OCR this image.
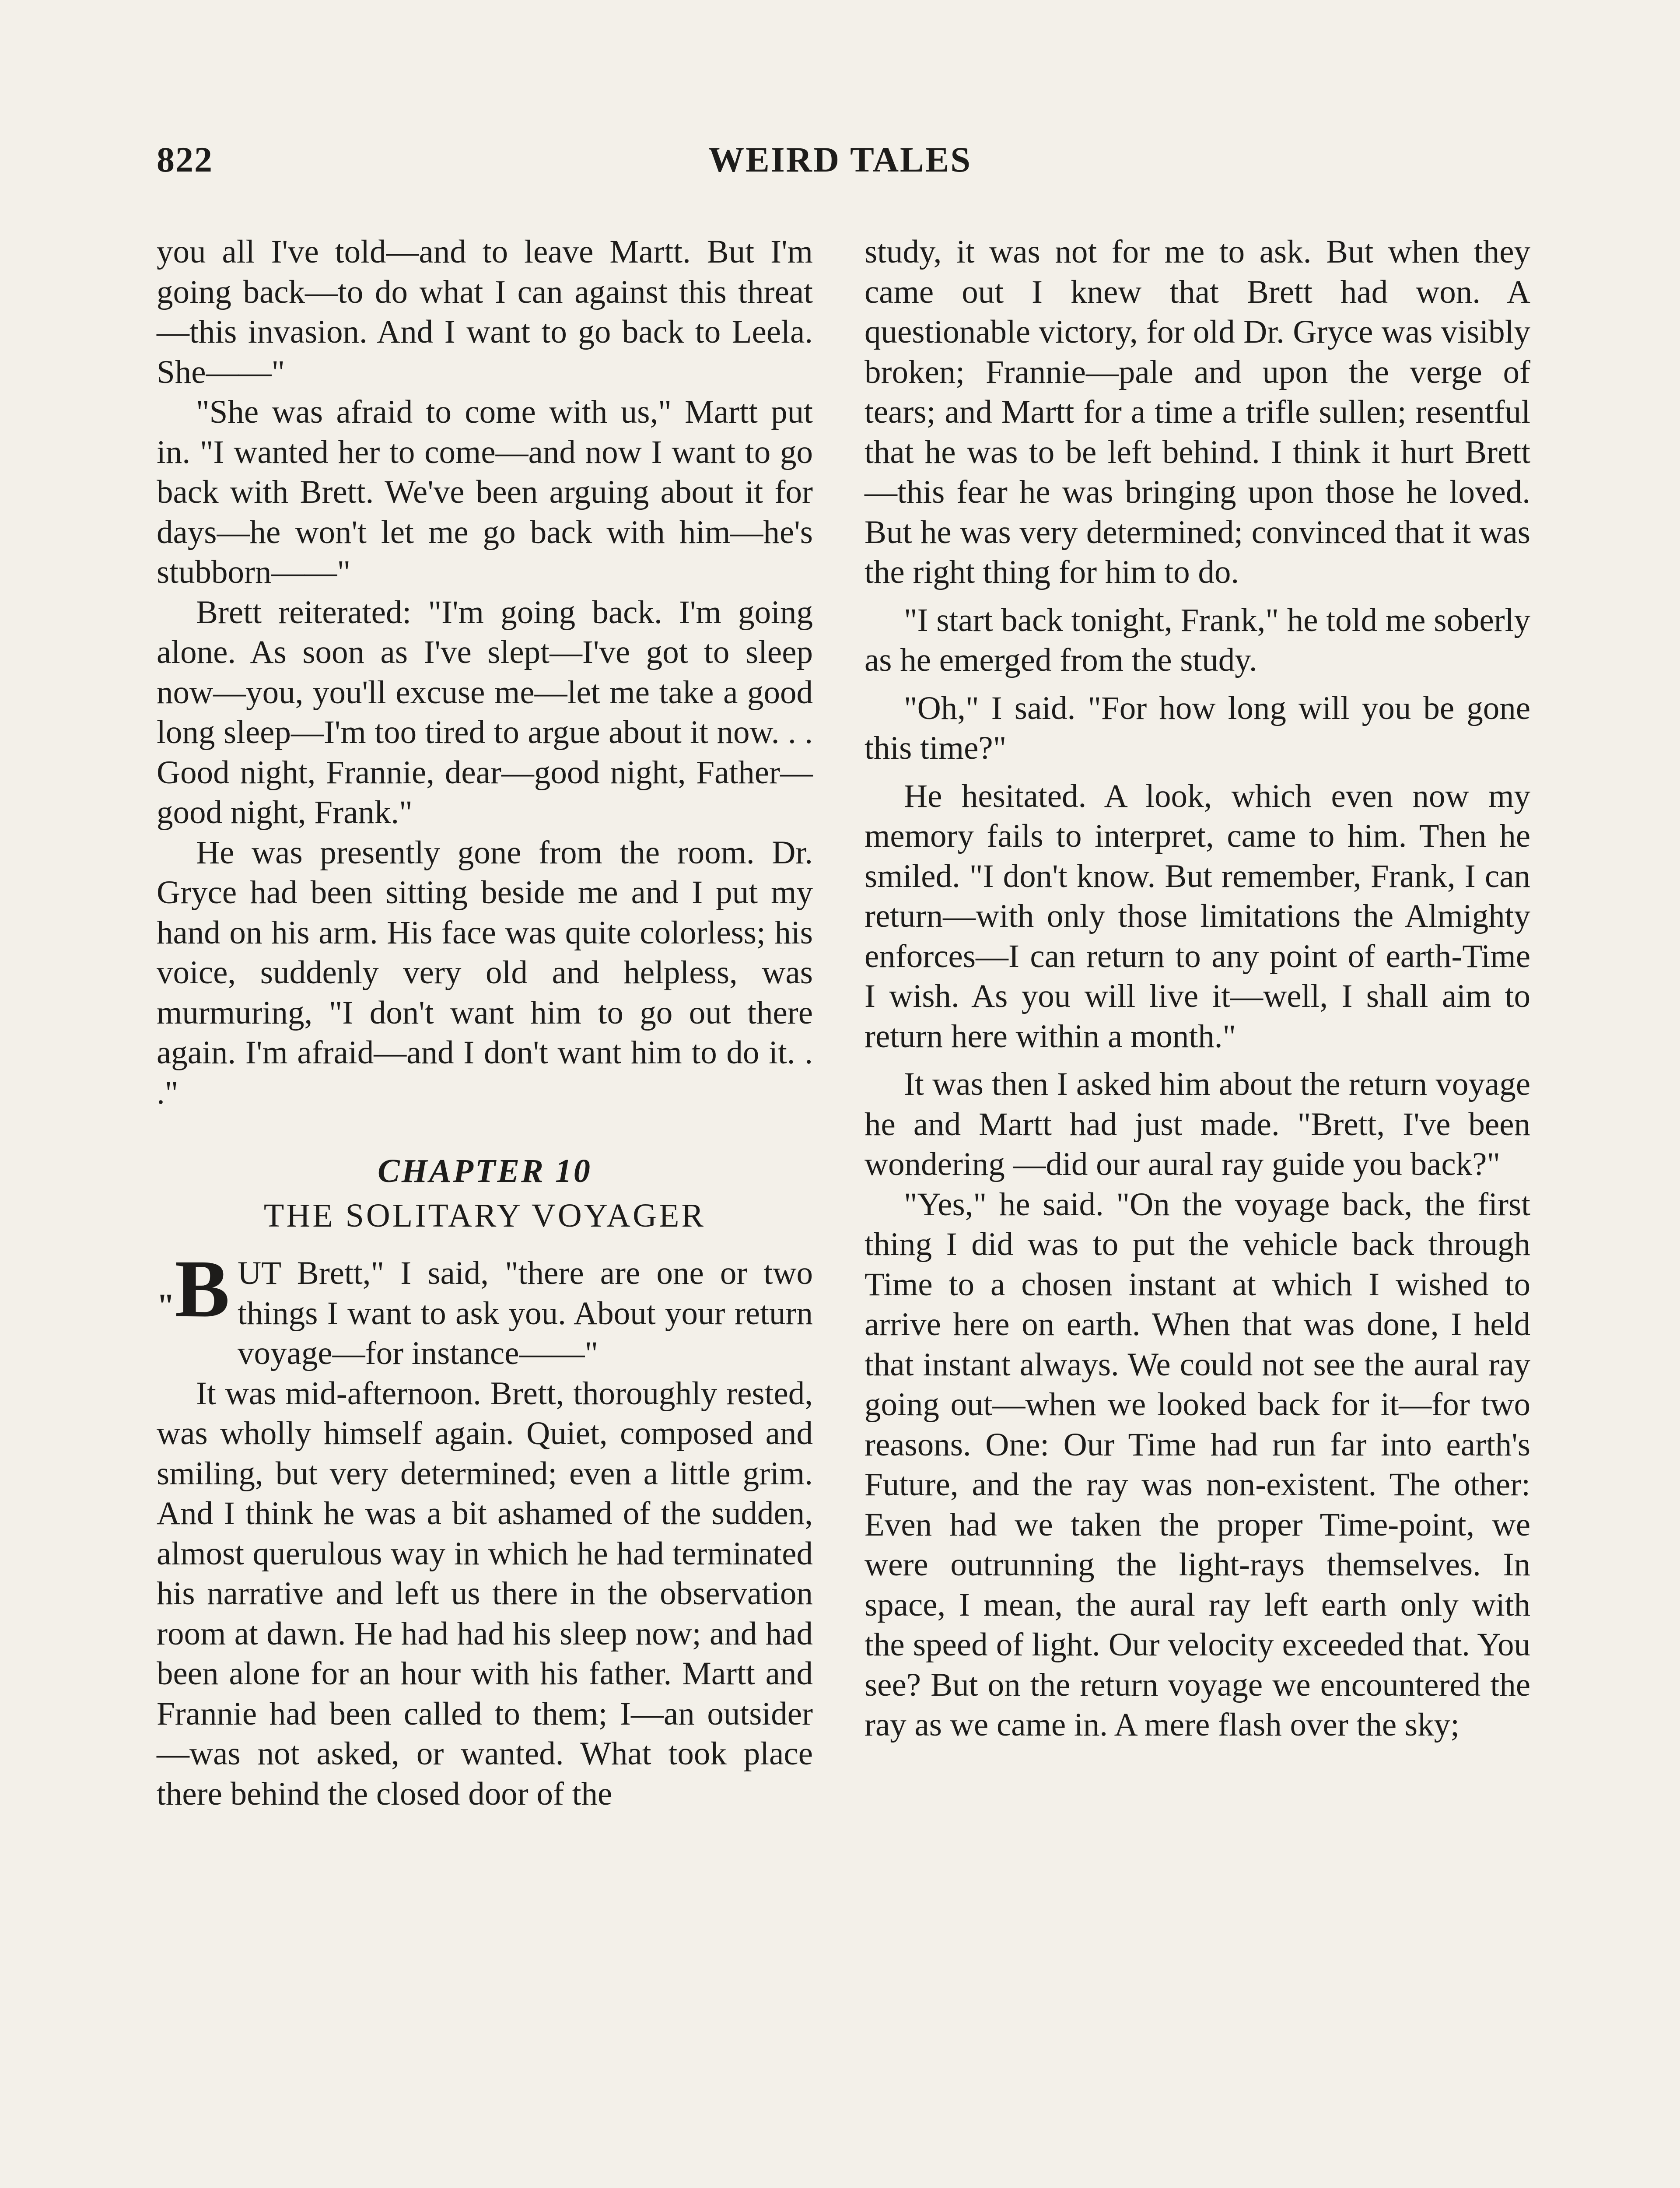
822	WEIRD TALES

you all I've told—and to leave Martt. But I'm going back—to do what I can against this threat—this invasion. And I want to go back to Leela. She——"

"She was afraid to come with us," Martt put in. "I wanted her to come—and now I want to go back with Brett. We've been arguing about it for days—he won't let me go back with him—he's stubborn——"

Brett reiterated: "I'm going back. I'm going alone. As soon as I've slept—I've got to sleep now—you, you'll excuse me—let me take a good long sleep—I'm too tired to argue about it now. . . Good night, Frannie, dear—good night, Father—good night, Frank."

He was presently gone from the room. Dr. Gryce had been sitting beside me and I put my hand on his arm. His face was quite colorless; his voice, suddenly very old and helpless, was murmuring, "I don't want him to go out there again. I'm afraid—and I don't want him to do it. . ."

CHAPTER 10
THE SOLITARY VOYAGER

"B UT Brett," I said, "there are one or two things I want to ask you. About your return voyage—for instance——"

It was mid-afternoon. Brett, thoroughly rested, was wholly himself again. Quiet, composed and smiling, but very determined; even a little grim. And I think he was a bit ashamed of the sudden, almost querulous way in which he had terminated his narrative and left us there in the observation room at dawn. He had had his sleep now; and had been alone for an hour with his father. Martt and Frannie had been called to them; I—an outsider—was not asked, or wanted. What took place there behind the closed door of the

study, it was not for me to ask. But when they came out I knew that Brett had won. A questionable victory, for old Dr. Gryce was visibly broken; Frannie—pale and upon the verge of tears; and Martt for a time a trifle sullen; resentful that he was to be left behind. I think it hurt Brett—this fear he was bringing upon those he loved. But he was very determined; convinced that it was the right thing for him to do.

"I start back tonight, Frank," he told me soberly as he emerged from the study.

"Oh," I said. "For how long will you be gone this time?"

He hesitated. A look, which even now my memory fails to interpret, came to him. Then he smiled. "I don't know. But remember, Frank, I can return—with only those limitations the Almighty enforces—I can return to any point of earth-Time I wish. As you will live it—well, I shall aim to return here within a month."

It was then I asked him about the return voyage he and Martt had just made. "Brett, I've been wondering —did our aural ray guide you back?"

"Yes," he said. "On the voyage back, the first thing I did was to put the vehicle back through Time to a chosen instant at which I wished to arrive here on earth. When that was done, I held that instant always. We could not see the aural ray going out—when we looked back for it—for two reasons. One: Our Time had run far into earth's Future, and the ray was non-existent. The other: Even had we taken the proper Time-point, we were outrunning the light-rays themselves. In space, I mean, the aural ray left earth only with the speed of light. Our velocity exceeded that. You see? But on the return voyage we encountered the ray as we came in. A mere flash over the sky;
